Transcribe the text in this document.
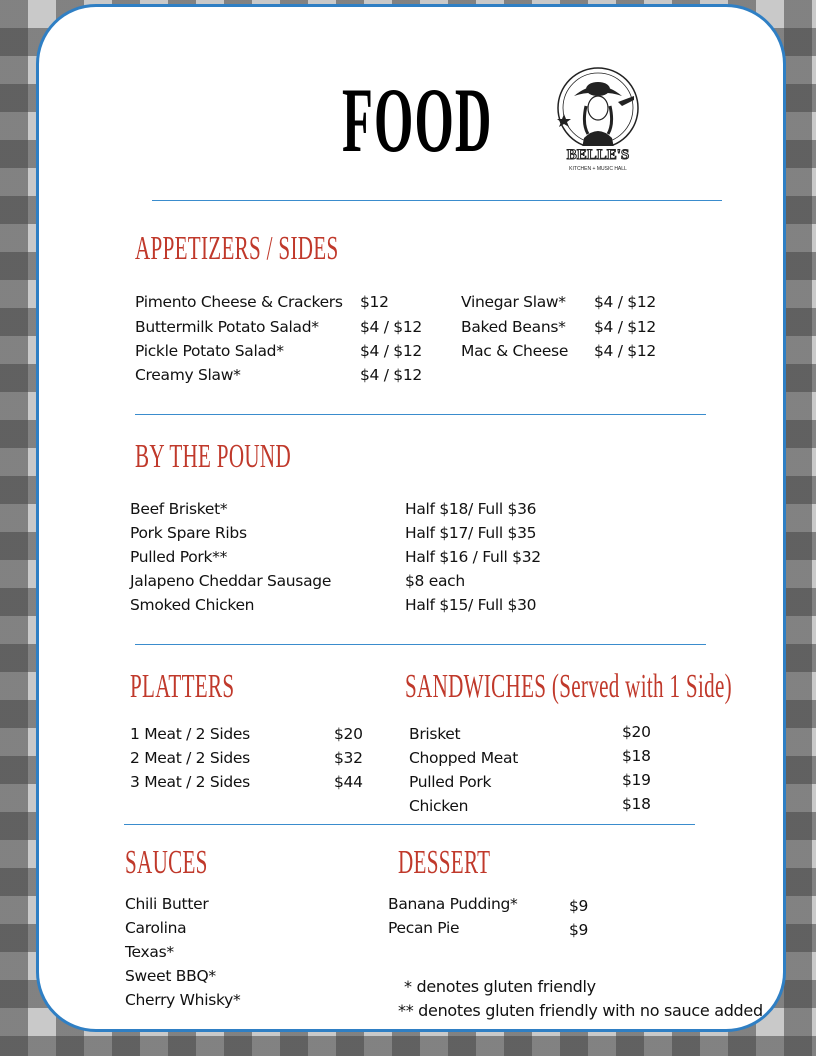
FOOD	BELLE'S
KITCHEN + MUSIC HALL
APPETIZERS / SIDES
Pimento Cheese & Crackers $12
Buttermilk Potato Salad*	$4 / $12
Pickle Potato Salad*	$4 / $12
Creamy Slaw*	$4 / $12
Vinegar Slaw* $4 / $12
Baked Beans* $4 / $12
Mac & Cheese $4 / $12
BY THE POUND
Beef Brisket*	Half $18/ Full $36
Pork Spare Ribs	Half $17/ Full $35
Pulled Pork**	Half $16 / Full $32
Jalapeno Cheddar Sausage	$8 each
Smoked Chicken	Half $15/ Full $30
PLATTERS
1 Meat / 2 Sides	$20
2 Meat / 2 Sides	$32
3 Meat / 2 Sides	$44
SANDWICHES (Served with 1 Side)
Brisket	$20
Chopped Meat	$18
Pulled Pork	$19
Chicken	$18
SAUCES
Chili Butter
Carolina
Texas*
Sweet BBQ*
Cherry Whisky*
DESSERT
Banana Pudding*	$9
Pecan Pie	$9
* denotes gluten friendly
** denotes gluten friendly with no sauce added
